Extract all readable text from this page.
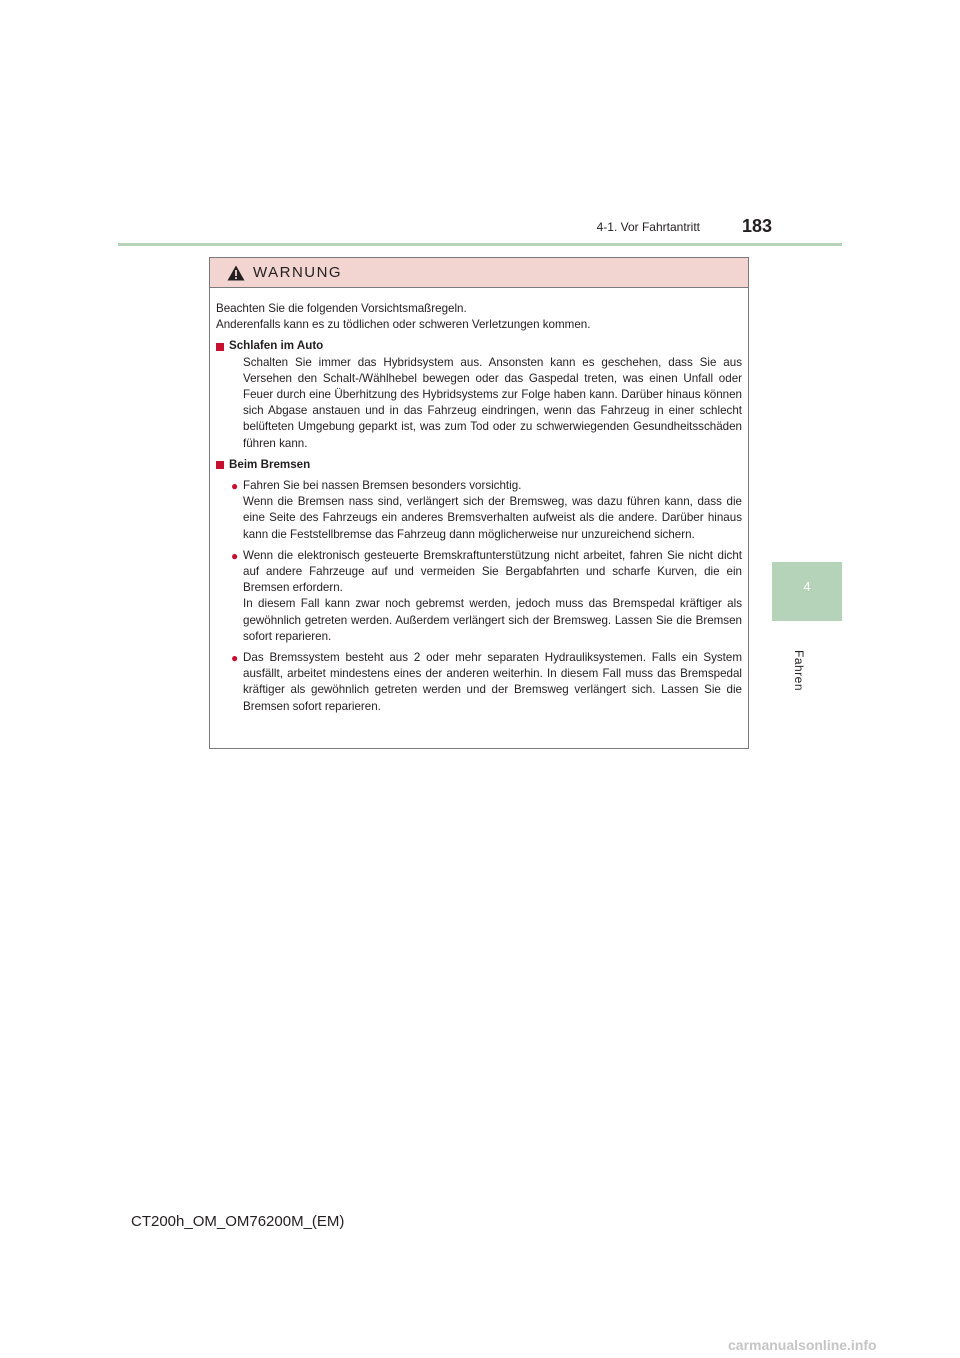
4-1. Vor Fahrtantritt 183
4
Fahren
WARNUNG

Beachten Sie die folgenden Vorsichtsmaßregeln.

Anderenfalls kann es zu tödlichen oder schweren Verletzungen kommen.

Schlafen im Auto
Schalten Sie immer das Hybridsystem aus. Ansonsten kann es geschehen, dass Sie aus Versehen den Schalt-/Wählhebel bewegen oder das Gaspedal treten, was einen Unfall oder Feuer durch eine Überhitzung des Hybridsystems zur Folge haben kann. Darüber hinaus können sich Abgase anstauen und in das Fahrzeug eindringen, wenn das Fahrzeug in einer schlecht belüfteten Umgebung geparkt ist, was zum Tod oder zu schwerwiegenden Gesundheitsschäden führen kann.
Beim Bremsen
● Fahren Sie bei nassen Bremsen besonders vorsichtig.
Wenn die Bremsen nass sind, verlängert sich der Bremsweg, was dazu führen kann, dass die eine Seite des Fahrzeugs ein anderes Bremsverhalten aufweist als die andere. Darüber hinaus kann die Feststellbremse das Fahrzeug dann möglicherweise nur unzureichend sichern.
● Wenn die elektronisch gesteuerte Bremskraftunterstützung nicht arbeitet, fahren Sie nicht dicht auf andere Fahrzeuge auf und vermeiden Sie Bergabfahrten und scharfe Kurven, die ein Bremsen erfordern.
In diesem Fall kann zwar noch gebremst werden, jedoch muss das Bremspedal kräftiger als gewöhnlich getreten werden. Außerdem verlängert sich der Bremsweg. Lassen Sie die Bremsen sofort reparieren.
● Das Bremssystem besteht aus 2 oder mehr separaten Hydrauliksystemen. Falls ein System ausfällt, arbeitet mindestens eines der anderen weiterhin. In diesem Fall muss das Bremspedal kräftiger als gewöhnlich getreten werden und der Bremsweg verlängert sich. Lassen Sie die Bremsen sofort reparieren.
CT200h_OM_OM76200M_(EM)
carmanualsonline.info
